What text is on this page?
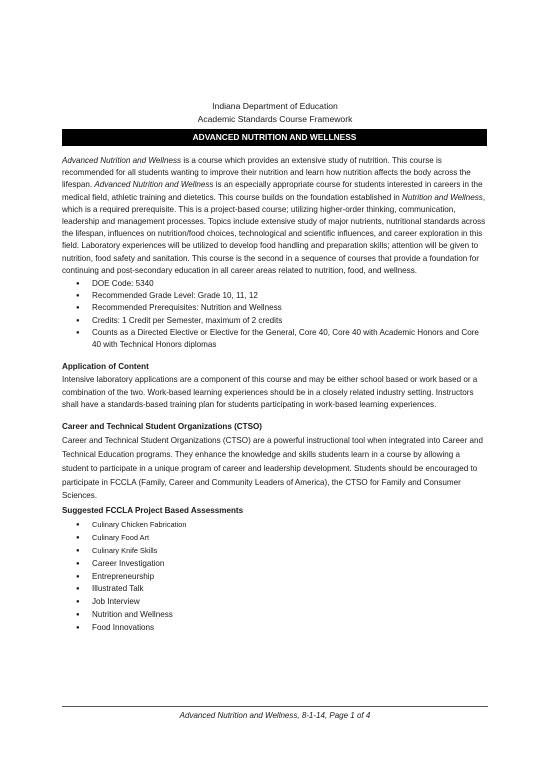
Indiana Department of Education
Academic Standards Course Framework
ADVANCED NUTRITION AND WELLNESS

Advanced Nutrition and Wellness is a course which provides an extensive study of nutrition. This course is recommended for all students wanting to improve their nutrition and learn how nutrition affects the body across the lifespan. Advanced Nutrition and Wellness is an especially appropriate course for students interested in careers in the medical field, athletic training and dietetics. This course builds on the foundation established in Nutrition and Wellness, which is a required prerequisite. This is a project-based course; utilizing higher-order thinking, communication, leadership and management processes. Topics include extensive study of major nutrients, nutritional standards across the lifespan, influences on nutrition/food choices, technological and scientific influences, and career exploration in this field. Laboratory experiences will be utilized to develop food handling and preparation skills; attention will be given to nutrition, food safety and sanitation. This course is the second in a sequence of courses that provide a foundation for continuing and post-secondary education in all career areas related to nutrition, food, and wellness.

● DOE Code: 5340
● Recommended Grade Level: Grade 10, 11, 12
● Recommended Prerequisites: Nutrition and Wellness
● Credits: 1 Credit per Semester, maximum of 2 credits
● Counts as a Directed Elective or Elective for the General, Core 40, Core 40 with Academic Honors and Core 40 with Technical Honors diplomas
Application of Content

Intensive laboratory applications are a component of this course and may be either school based or work based or a combination of the two. Work-based learning experiences should be in a closely related industry setting. Instructors shall have a standards-based training plan for students participating in work-based learning experiences.

Career and Technical Student Organizations (CTSO)

Career and Technical Student Organizations (CTSO) are a powerful instructional tool when integrated into Career and Technical Education programs. They enhance the knowledge and skills students learn in a course by allowing a student to participate in a unique program of career and leadership development. Students should be encouraged to participate in FCCLA (Family, Career and Community Leaders of America), the CTSO for Family and Consumer Sciences.

Suggested FCCLA Project Based Assessments
● Culinary Chicken Fabrication
● Culinary Food Art
● Culinary Knife Skills
● Career Investigation
● Entrepreneurship
● Illustrated Talk
● Job Interview
● Nutrition and Wellness
● Food Innovations
Advanced Nutrition and Wellness, 8-1-14, Page 1 of 4
